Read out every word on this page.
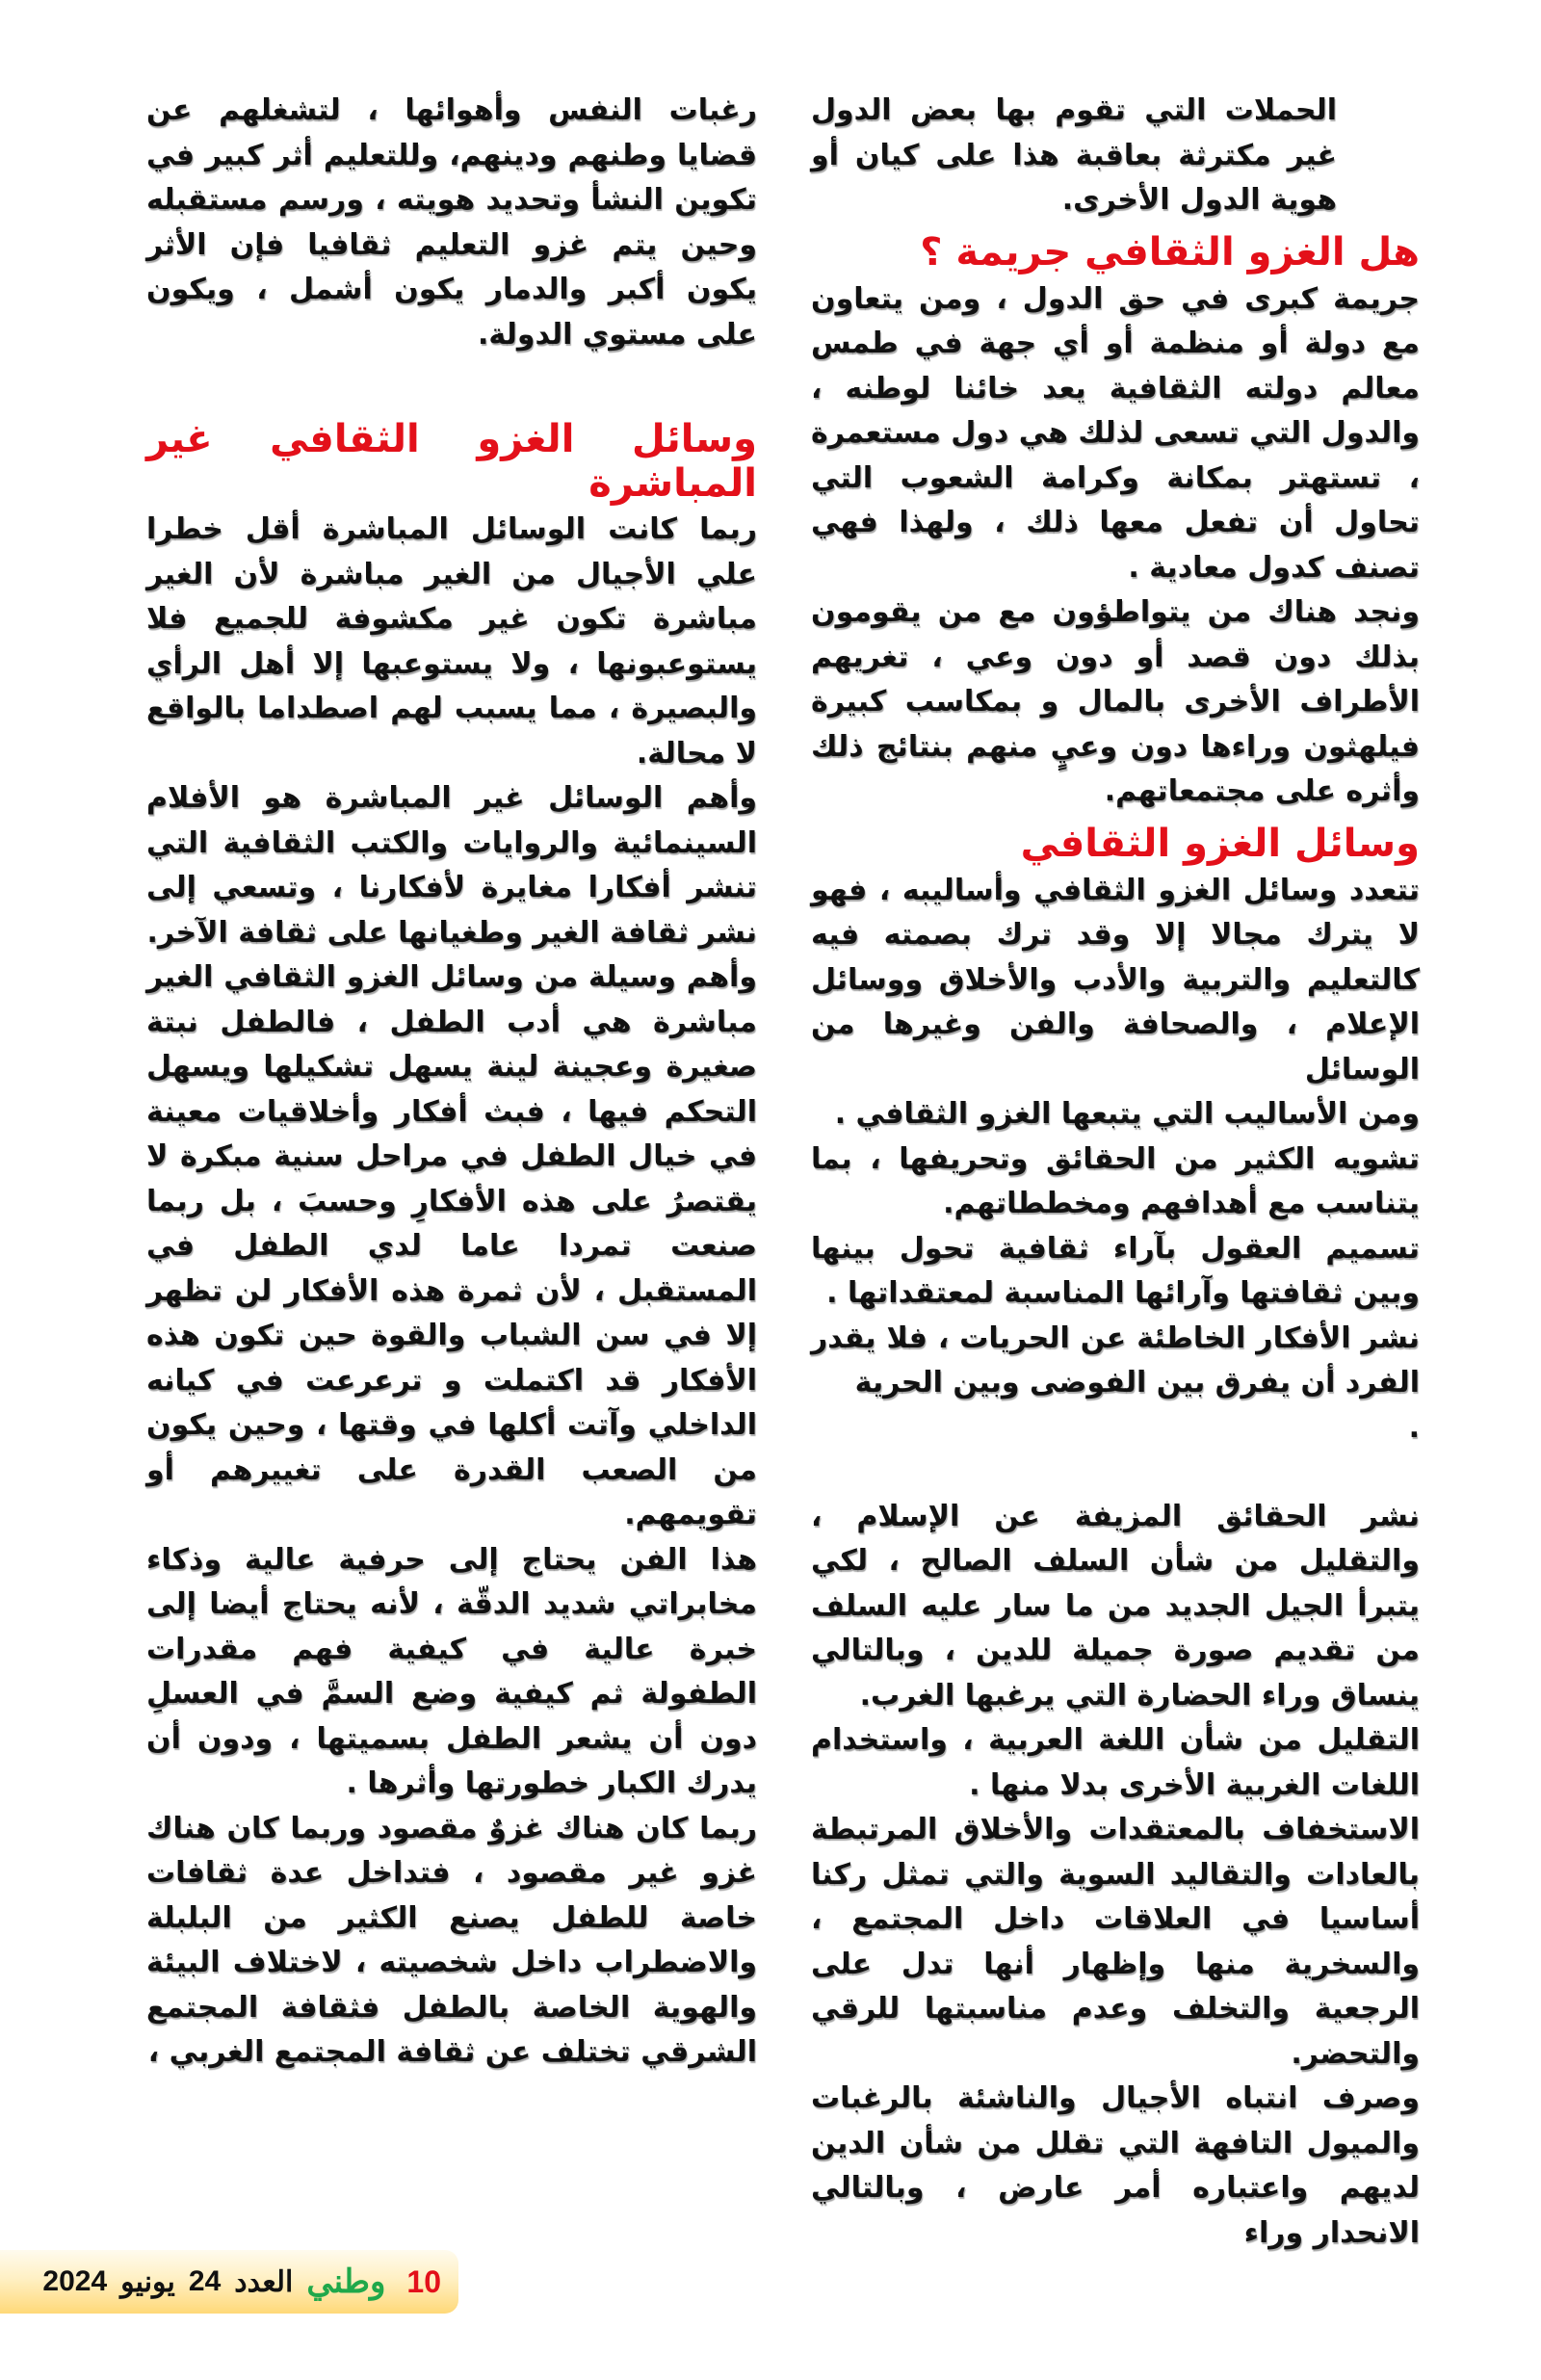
الحملات التي تقوم بها بعض الدول غير مكترثة بعاقبة هذا على كيان أو هوية الدول الأخرى.

هل الغزو الثقافي جريمة ؟

جريمة كبرى في حق الدول ، ومن يتعاون مع دولة أو منظمة أو أي جهة في طمس معالم دولته الثقافية يعد خائنا لوطنه ، والدول التي تسعى لذلك هي دول مستعمرة ، تستهتر بمكانة وكرامة الشعوب التي تحاول أن تفعل معها ذلك ، ولهذا فهي تصنف كدول معادية .

ونجد هناك من يتواطؤون مع من يقومون بذلك دون قصد أو دون وعي ، تغريهم الأطراف الأخرى بالمال و بمكاسب كبيرة فيلهثون وراءها دون وعيٍ منهم بنتائج ذلك وأثره على مجتمعاتهم.

وسائل الغزو الثقافي

تتعدد وسائل الغزو الثقافي وأساليبه ، فهو لا يترك مجالا إلا وقد ترك بصمته فيه كالتعليم والتربية والأدب والأخلاق ووسائل الإعلام ، والصحافة والفن وغيرها من الوسائل

ومن الأساليب التي يتبعها الغزو الثقافي .

تشويه الكثير من الحقائق وتحريفها ، بما يتناسب مع أهدافهم ومخططاتهم.

تسميم العقول بآراء ثقافية تحول بينها وبين ثقافتها وآرائها المناسبة لمعتقداتها .

نشر الأفكار الخاطئة عن الحريات ، فلا يقدر الفرد أن يفرق بين الفوضى وبين الحرية

.

نشر الحقائق المزيفة عن الإسلام ، والتقليل من شأن السلف الصالح ، لكي يتبرأ الجيل الجديد من ما سار عليه السلف من تقديم صورة جميلة للدين ، وبالتالي ينساق وراء الحضارة التي يرغبها الغرب.

التقليل من شأن اللغة العربية ، واستخدام اللغات الغربية الأخرى بدلا منها .

الاستخفاف بالمعتقدات والأخلاق المرتبطة بالعادات والتقاليد السوية والتي تمثل ركنا أساسيا في العلاقات داخل المجتمع ، والسخرية منها وإظهار أنها تدل على الرجعية والتخلف وعدم مناسبتها للرقي والتحضر.

وصرف انتباه الأجيال والناشئة بالرغبات والميول التافهة التي تقلل من شأن الدين لديهم واعتباره أمر عارض ، وبالتالي الانحدار وراء

رغبات النفس وأهوائها ، لتشغلهم عن قضايا وطنهم ودينهم، وللتعليم أثر كبير في تكوين النشأ وتحديد هويته ، ورسم مستقبله وحين يتم غزو التعليم ثقافيا فإن الأثر يكون أكبر والدمار يكون أشمل ، ويكون على مستوي الدولة.

وسائل الغزو الثقافي غير المباشرة

ربما كانت الوسائل المباشرة أقل خطرا علي الأجيال من الغير مباشرة لأن الغير مباشرة تكون غير مكشوفة للجميع فلا يستوعبونها ، ولا يستوعبها إلا أهل الرأي والبصيرة ، مما يسبب لهم اصطداما بالواقع لا محالة.

وأهم الوسائل غير المباشرة هو الأفلام السينمائية والروايات والكتب الثقافية التي تنشر أفكارا مغايرة لأفكارنا ، وتسعي إلى نشر ثقافة الغير وطغيانها على ثقافة الآخر.

وأهم وسيلة من وسائل الغزو الثقافي الغير مباشرة هي أدب الطفل ، فالطفل نبتة صغيرة وعجينة لينة يسهل تشكيلها ويسهل التحكم فيها ، فبث أفكار وأخلاقيات معينة في خيال الطفل في مراحل سنية مبكرة لا يقتصرُ على هذه الأفكارِ وحسبَ ، بل ربما صنعت تمردا عاما لدي الطفل في المستقبل ، لأن ثمرة هذه الأفكار لن تظهر إلا في سن الشباب والقوة حين تكون هذه الأفكار قد اكتملت و ترعرعت في كيانه الداخلي وآتت أكلها في وقتها ، وحين يكون من الصعب القدرة على تغييرهم أو تقويمهم.

هذا الفن يحتاج إلى حرفية عالية وذكاء مخابراتي شديد الدقّة ، لأنه يحتاج أيضا إلى خبرة عالية في كيفية فهم مقدرات الطفولة ثم كيفية وضع السمَّ في العسلِ دون أن يشعر الطفل بسميتها ، ودون أن يدرك الكبار خطورتها وأثرها .

ربما كان هناك غزوٌ مقصود وربما كان هناك غزو غير مقصود ، فتداخل عدة ثقافات خاصة للطفل يصنع الكثير من البلبلة والاضطراب داخل شخصيته ، لاختلاف البيئة والهوية الخاصة بالطفل فثقافة المجتمع الشرقي تختلف عن ثقافة المجتمع الغربي ،

2024 يونيو 24 العدد وطني 10
